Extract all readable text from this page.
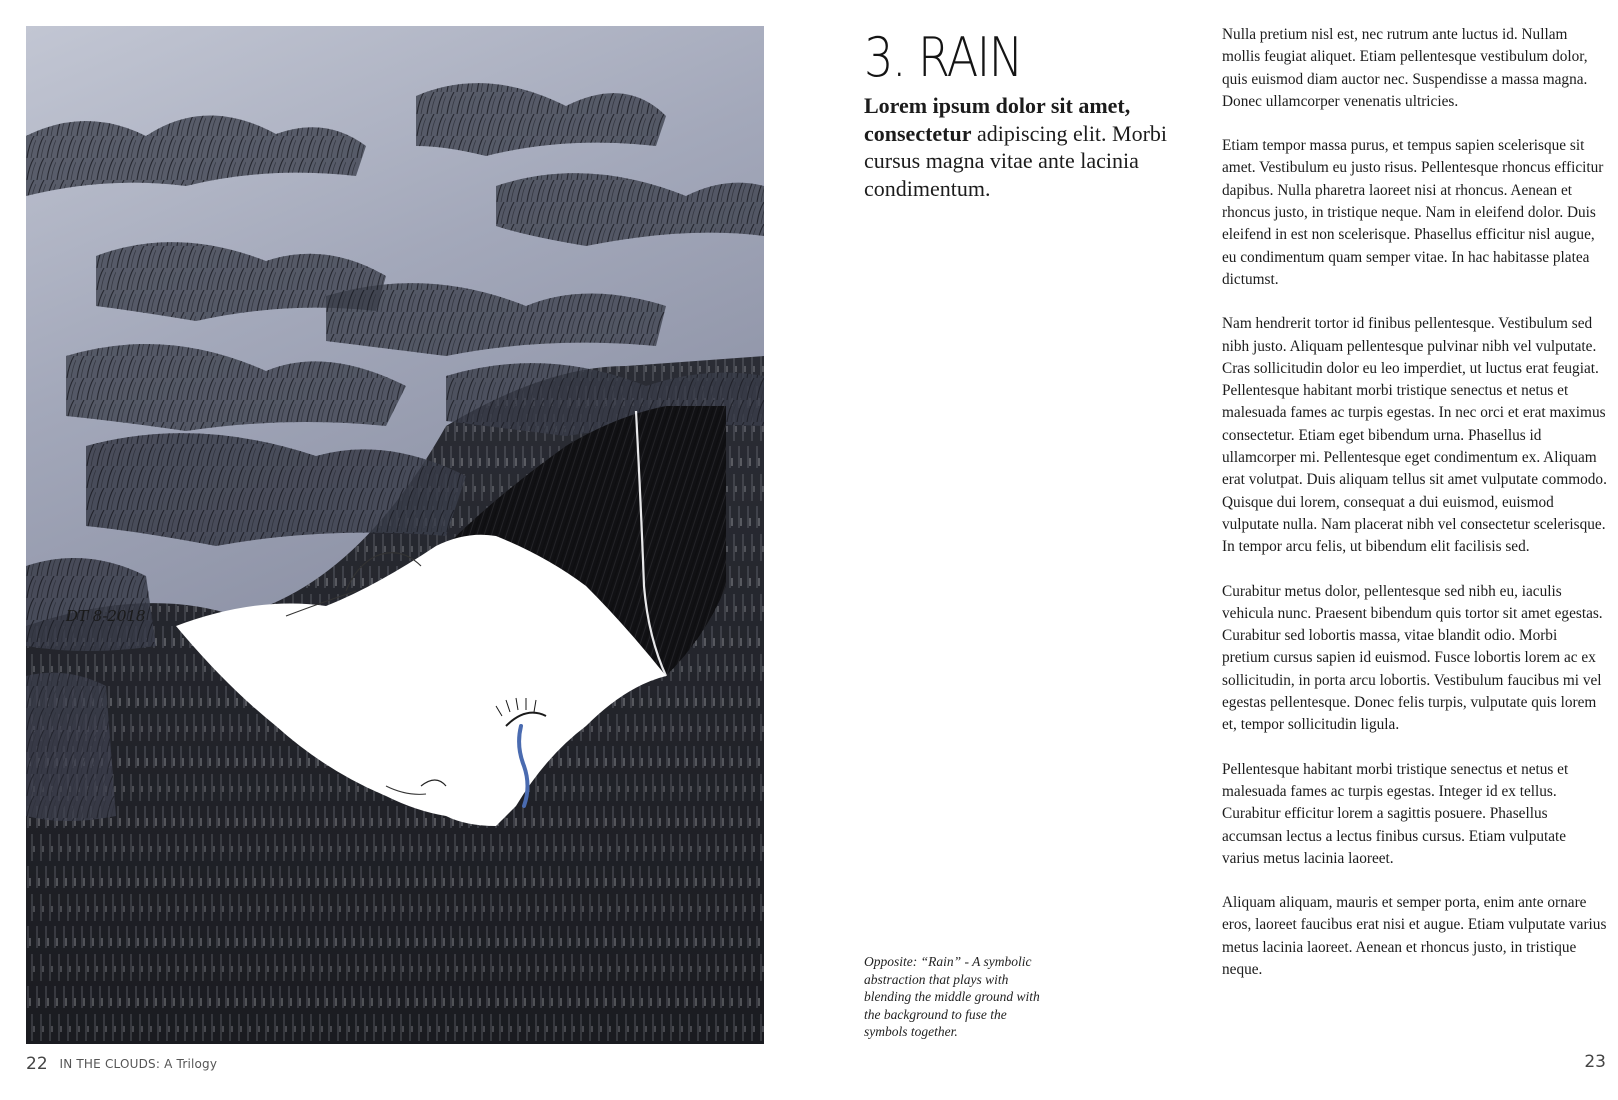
DT 8-2018
22 IN THE CLOUDS: A Trilogy
3. RAIN

Lorem ipsum dolor sit amet, consectetur adipiscing elit. Morbi cursus magna vitae ante lacinia condimentum.

Opposite: “Rain” - A symbolic abstraction that plays with blending the middle ground with the background to fuse the symbols together.

Nulla pretium nisl est, nec rutrum ante luctus id. Nullam mollis feugiat aliquet. Etiam pellentesque vestibulum dolor, quis euismod diam auctor nec. Suspendisse a massa magna. Donec ullamcorper venenatis ultricies.

Etiam tempor massa purus, et tempus sapien scelerisque sit amet. Vestibulum eu justo risus. Pellentesque rhoncus efficitur dapibus. Nulla pharetra laoreet nisi at rhoncus. Aenean et rhoncus justo, in tristique neque. Nam in eleifend dolor. Duis eleifend in est non scelerisque. Phasellus efficitur nisl augue, eu condimentum quam semper vitae. In hac habitasse platea dictumst.

Nam hendrerit tortor id finibus pellentesque. Vestibulum sed nibh justo. Aliquam pellentesque pulvinar nibh vel vulputate. Cras sollicitudin dolor eu leo imperdiet, ut luctus erat feugiat. Pellentesque habitant morbi tristique senectus et netus et malesuada fames ac turpis egestas. In nec orci et erat maximus consectetur. Etiam eget bibendum urna. Phasellus id ullamcorper mi. Pellentesque eget condimentum ex. Aliquam erat volutpat. Duis aliquam tellus sit amet vulputate commodo. Quisque dui lorem, consequat a dui euismod, euismod vulputate nulla. Nam placerat nibh vel consectetur scelerisque. In tempor arcu felis, ut bibendum elit facilisis sed.

Curabitur metus dolor, pellentesque sed nibh eu, iaculis vehicula nunc. Praesent bibendum quis tortor sit amet egestas. Curabitur sed lobortis massa, vitae blandit odio. Morbi pretium cursus sapien id euismod. Fusce lobortis lorem ac ex sollicitudin, in porta arcu lobortis. Vestibulum faucibus mi vel egestas pellentesque. Donec felis turpis, vulputate quis lorem et, tempor sollicitudin ligula.

Pellentesque habitant morbi tristique senectus et netus et malesuada fames ac turpis egestas. Integer id ex tellus. Curabitur efficitur lorem a sagittis posuere. Phasellus accumsan lectus a lectus finibus cursus. Etiam vulputate varius metus lacinia laoreet.

Aliquam aliquam, mauris et semper porta, enim ante ornare eros, laoreet faucibus erat nisi et augue. Etiam vulputate varius metus lacinia laoreet. Aenean et rhoncus justo, in tristique neque.

23
